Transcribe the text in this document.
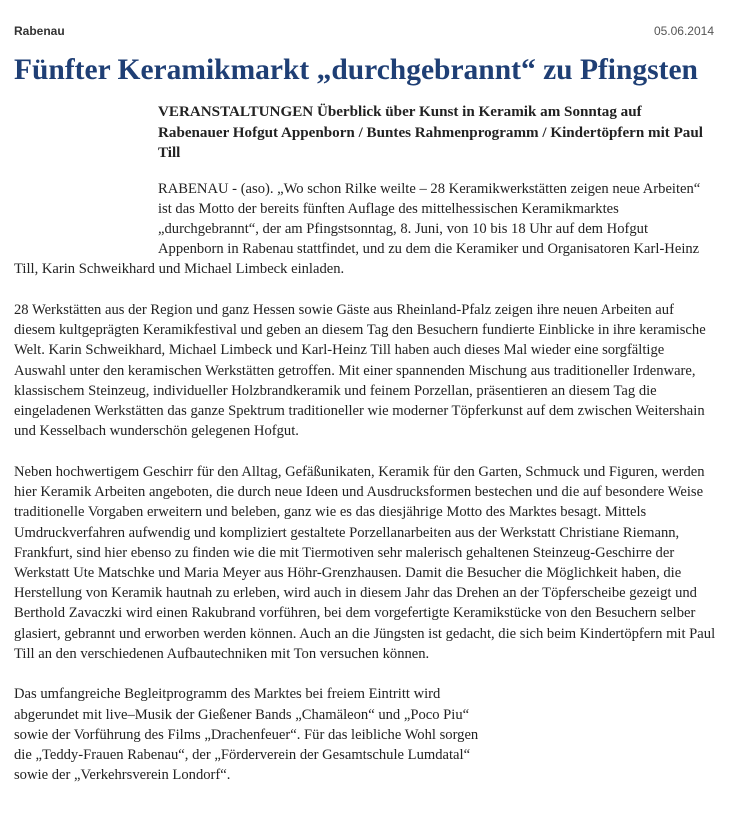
Rabenau	05.06.2014
Fünfter Keramikmarkt „durchgebrannt“ zu Pfingsten

VERANSTALTUNGEN Überblick über Kunst in Keramik am Sonntag auf Rabenauer Hofgut Appenborn / Buntes Rahmenprogramm / Kindertöpfern mit Paul Till

RABENAU - (aso). „Wo schon Rilke weilte – 28 Keramikwerkstätten zeigen neue Arbeiten“ ist das Motto der bereits fünften Auflage des mittelhessischen Keramikmarktes „durchgebrannt“, der am Pfingstsonntag, 8. Juni, von 10 bis 18 Uhr auf dem Hofgut Appenborn in Rabenau stattfindet, und zu dem die Keramiker und Organisatoren Karl-Heinz Till, Karin Schweikhard und Michael Limbeck einladen.

28 Werkstätten aus der Region und ganz Hessen sowie Gäste aus Rheinland-Pfalz zeigen ihre neuen Arbeiten auf diesem kultgeprägten Keramikfestival und geben an diesem Tag den Besuchern fundierte Einblicke in ihre keramische Welt. Karin Schweikhard, Michael Limbeck und Karl-Heinz Till haben auch dieses Mal wieder eine sorgfältige Auswahl unter den keramischen Werkstätten getroffen. Mit einer spannenden Mischung aus traditioneller Irdenware, klassischem Steinzeug, individueller Holzbrandkeramik und feinem Porzellan, präsentieren an diesem Tag die eingeladenen Werkstätten das ganze Spektrum traditioneller wie moderner Töpferkunst auf dem zwischen Weitershain und Kesselbach wunderschön gelegenen Hofgut.

Neben hochwertigem Geschirr für den Alltag, Gefäßunikaten, Keramik für den Garten, Schmuck und Figuren, werden hier Keramik Arbeiten angeboten, die durch neue Ideen und Ausdrucksformen bestechen und die auf besondere Weise traditionelle Vorgaben erweitern und beleben, ganz wie es das diesjährige Motto des Marktes besagt. Mittels Umdruckverfahren aufwendig und kompliziert gestaltete Porzellanarbeiten aus der Werkstatt Christiane Riemann, Frankfurt, sind hier ebenso zu finden wie die mit Tiermotiven sehr malerisch gehaltenen Steinzeug-Geschirre der Werkstatt Ute Matschke und Maria Meyer aus Höhr-Grenzhausen. Damit die Besucher die Möglichkeit haben, die Herstellung von Keramik hautnah zu erleben, wird auch in diesem Jahr das Drehen an der Töpferscheibe gezeigt und Berthold Zavaczki wird einen Rakubrand vorführen, bei dem vorgefertigte Keramikstücke von den Besuchern selber glasiert, gebrannt und erworben werden können. Auch an die Jüngsten ist gedacht, die sich beim Kindertöpfern mit Paul Till an den verschiedenen Aufbautechniken mit Ton versuchen können.

Das umfangreiche Begleitprogramm des Marktes bei freiem Eintritt wird abgerundet mit live–Musik der Gießener Bands „Chamäleon“ und „Poco Piu“ sowie der Vorführung des Films „Drachenfeuer“. Für das leibliche Wohl sorgen die „Teddy-Frauen Rabenau“, der „Förderverein der Gesamtschule Lumdatal“ sowie der „Verkehrsverein Londorf“.
